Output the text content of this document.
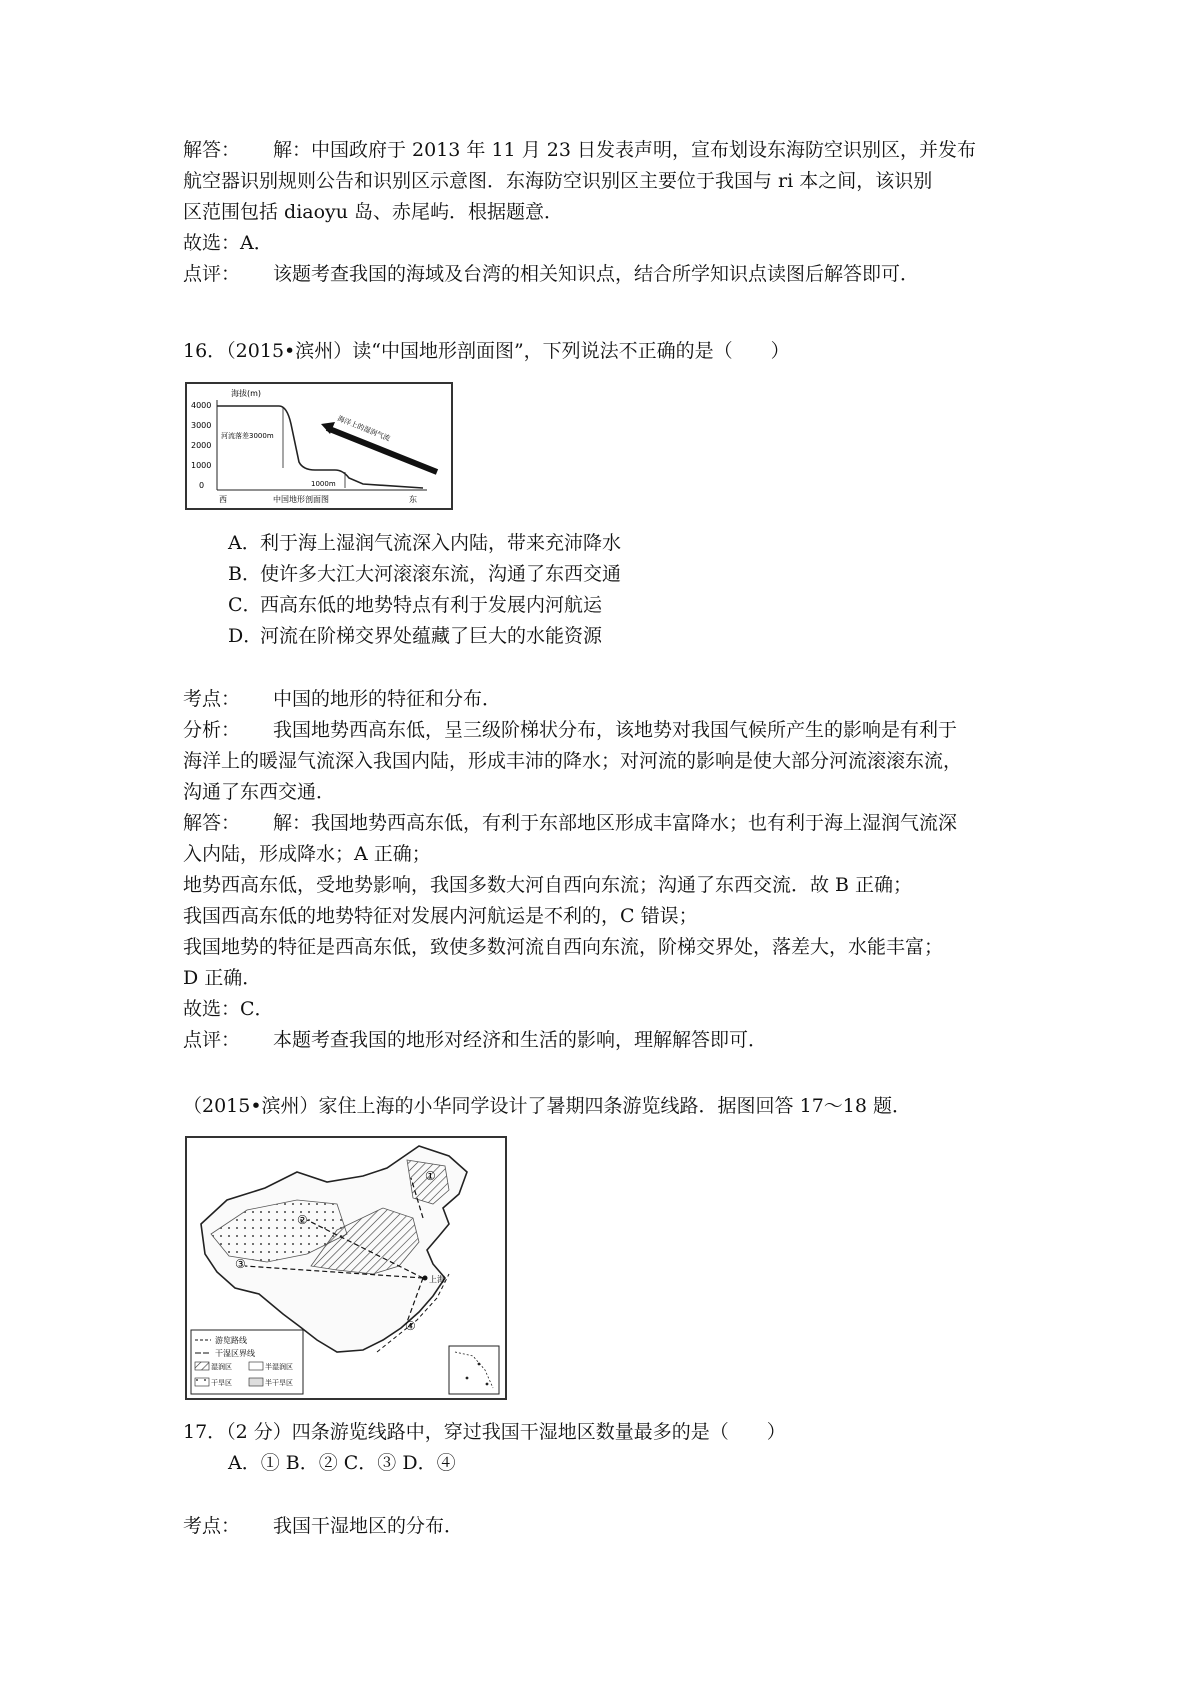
解答： 解：中国政府于 2013 年 11 月 23 日发表声明，宣布划设东海防空识别区，并发布
航空器识别规则公告和识别区示意图．东海防空识别区主要位于我国与 ri 本之间，该识别
区范围包括 diaoyu 岛、赤尾屿．根据题意．
故选：A．
点评： 该题考查我国的海域及台湾的相关知识点，结合所学知识点读图后解答即可．
16．（2015•滨州）读“中国地形剖面图”，下列说法不正确的是（　　）
海拔(m)
4000
3000
2000
1000
0
河流落差3000m
1000m
海洋上的湿润气流
西	东
中国地形剖面图
A．利于海上湿润气流深入内陆，带来充沛降水
B．使许多大江大河滚滚东流，沟通了东西交通
C．西高东低的地势特点有利于发展内河航运
D．河流在阶梯交界处蕴藏了巨大的水能资源
考点： 中国的地形的特征和分布．
分析： 我国地势西高东低，呈三级阶梯状分布，该地势对我国气候所产生的影响是有利于
海洋上的暖湿气流深入我国内陆，形成丰沛的降水；对河流的影响是使大部分河流滚滚东流，
沟通了东西交通．
解答： 解：我国地势西高东低，有利于东部地区形成丰富降水；也有利于海上湿润气流深
入内陆，形成降水；A 正确；
地势西高东低，受地势影响，我国多数大河自西向东流；沟通了东西交流．故 B 正确；
我国西高东低的地势特征对发展内河航运是不利的，C 错误；
我国地势的特征是西高东低，致使多数河流自西向东流，阶梯交界处，落差大，水能丰富；
D 正确．
故选：C．
点评： 本题考查我国的地形对经济和生活的影响，理解解答即可．
（2015•滨州）家住上海的小华同学设计了暑期四条游览线路．据图回答 17～18 题．
①
②
③
④
上海
游览路线
干湿区界线
湿润区	半湿润区
干旱区	半干旱区
17．（2 分）四条游览线路中，穿过我国干湿地区数量最多的是（　　）
A．① B．② C．③ D．④
考点： 我国干湿地区的分布．
